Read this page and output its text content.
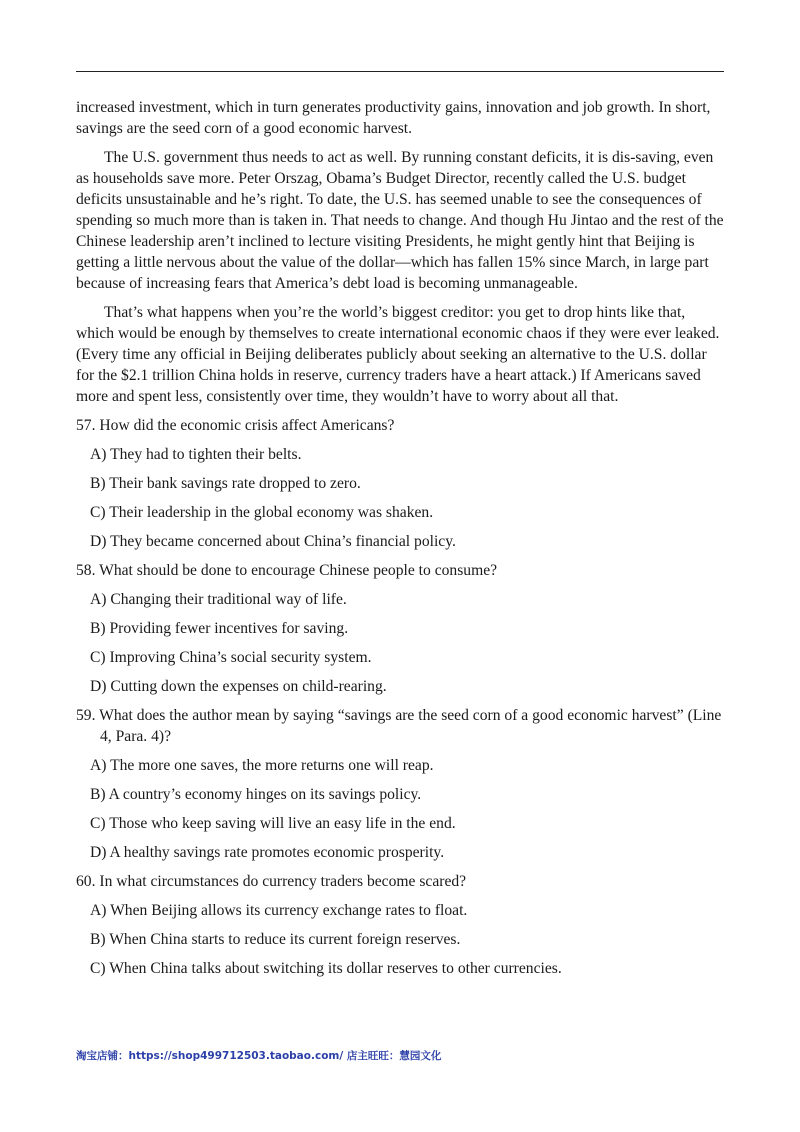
increased investment, which in turn generates productivity gains, innovation and job growth. In short, savings are the seed corn of a good economic harvest.

The U.S. government thus needs to act as well. By running constant deficits, it is dis-saving, even as households save more. Peter Orszag, Obama’s Budget Director, recently called the U.S. budget deficits unsustainable and he’s right. To date, the U.S. has seemed unable to see the consequences of spending so much more than is taken in. That needs to change. And though Hu Jintao and the rest of the Chinese leadership aren’t inclined to lecture visiting Presidents, he might gently hint that Beijing is getting a little nervous about the value of the dollar—which has fallen 15% since March, in large part because of increasing fears that America’s debt load is becoming unmanageable.

That’s what happens when you’re the world’s biggest creditor: you get to drop hints like that, which would be enough by themselves to create international economic chaos if they were ever leaked. (Every time any official in Beijing deliberates publicly about seeking an alternative to the U.S. dollar for the $2.1 trillion China holds in reserve, currency traders have a heart attack.) If Americans saved more and spent less, consistently over time, they wouldn’t have to worry about all that.

57. How did the economic crisis affect Americans?

A) They had to tighten their belts.

B) Their bank savings rate dropped to zero.

C) Their leadership in the global economy was shaken.

D) They became concerned about China’s financial policy.

58. What should be done to encourage Chinese people to consume?

A) Changing their traditional way of life.

B) Providing fewer incentives for saving.

C) Improving China’s social security system.

D) Cutting down the expenses on child-rearing.

59. What does the author mean by saying “savings are the seed corn of a good economic harvest” (Line 4, Para. 4)?

A) The more one saves, the more returns one will reap.

B) A country’s economy hinges on its savings policy.

C) Those who keep saving will live an easy life in the end.

D) A healthy savings rate promotes economic prosperity.

60. In what circumstances do currency traders become scared?

A) When Beijing allows its currency exchange rates to float.

B) When China starts to reduce its current foreign reserves.

C) When China talks about switching its dollar reserves to other currencies.

淘宝店铺：https://shop499712503.taobao.com/ 店主旺旺：慧园文化
